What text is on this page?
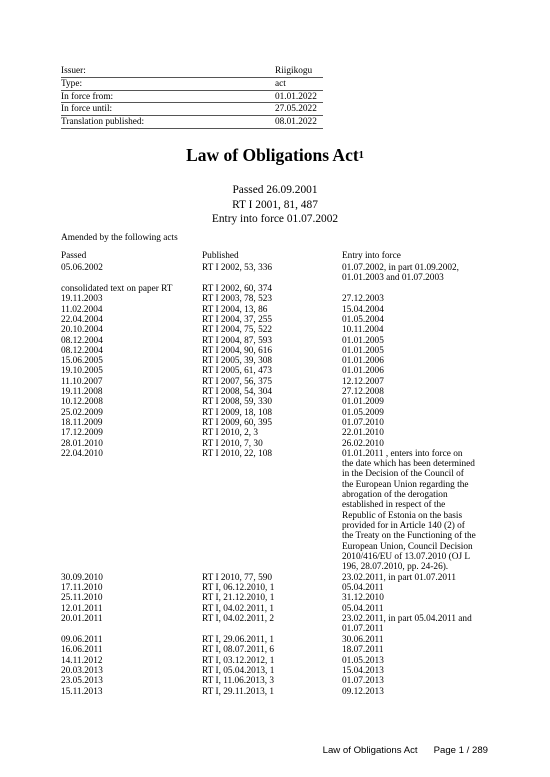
Issuer:	Riigikogu
Type:	act
In force from:	01.01.2022
In force until:	27.05.2022
Translation published:	08.01.2022
Law of Obligations Act$^1$
Passed 26.09.2001
RT I 2001, 81, 487
Entry into force 01.07.2002
Amended by the following acts
Passed	Published	Entry into force
05.06.2002	RT I 2002, 53, 336	01.07.2002, in part 01.09.2002, 01.01.2003 and 01.07.2003
consolidated text on paper RT	RT I 2002, 60, 374
19.11.2003	RT I 2003, 78, 523	27.12.2003
11.02.2004	RT I 2004, 13, 86	15.04.2004
22.04.2004	RT I 2004, 37, 255	01.05.2004
20.10.2004	RT I 2004, 75, 522	10.11.2004
08.12.2004	RT I 2004, 87, 593	01.01.2005
08.12.2004	RT I 2004, 90, 616	01.01.2005
15.06.2005	RT I 2005, 39, 308	01.01.2006
19.10.2005	RT I 2005, 61, 473	01.01.2006
11.10.2007	RT I 2007, 56, 375	12.12.2007
19.11.2008	RT I 2008, 54, 304	27.12.2008
10.12.2008	RT I 2008, 59, 330	01.01.2009
25.02.2009	RT I 2009, 18, 108	01.05.2009
18.11.2009	RT I 2009, 60, 395	01.07.2010
17.12.2009	RT I 2010, 2, 3	22.01.2010
28.01.2010	RT I 2010, 7, 30	26.02.2010
22.04.2010	RT I 2010, 22, 108	01.01.2011 , enters into force on the date which has been determined in the Decision of the Council of the European Union regarding the abrogation of the derogation established in respect of the Republic of Estonia on the basis provided for in Article 140 (2) of the Treaty on the Functioning of the European Union, Council Decision 2010/416/EU of 13.07.2010 (OJ L 196, 28.07.2010, pp. 24-26).
30.09.2010	RT I 2010, 77, 590	23.02.2011, in part 01.07.2011
17.11.2010	RT I, 06.12.2010, 1	05.04.2011
25.11.2010	RT I, 21.12.2010, 1	31.12.2010
12.01.2011	RT I, 04.02.2011, 1	05.04.2011
20.01.2011	RT I, 04.02.2011, 2	23.02.2011, in part 05.04.2011 and 01.07.2011
09.06.2011	RT I, 29.06.2011, 1	30.06.2011
16.06.2011	RT I, 08.07.2011, 6	18.07.2011
14.11.2012	RT I, 03.12.2012, 1	01.05.2013
20.03.2013	RT I, 05.04.2013, 1	15.04.2013
23.05.2013	RT I, 11.06.2013, 3	01.07.2013
15.11.2013	RT I, 29.11.2013, 1	09.12.2013
Law of Obligations Act Page 1 / 289
